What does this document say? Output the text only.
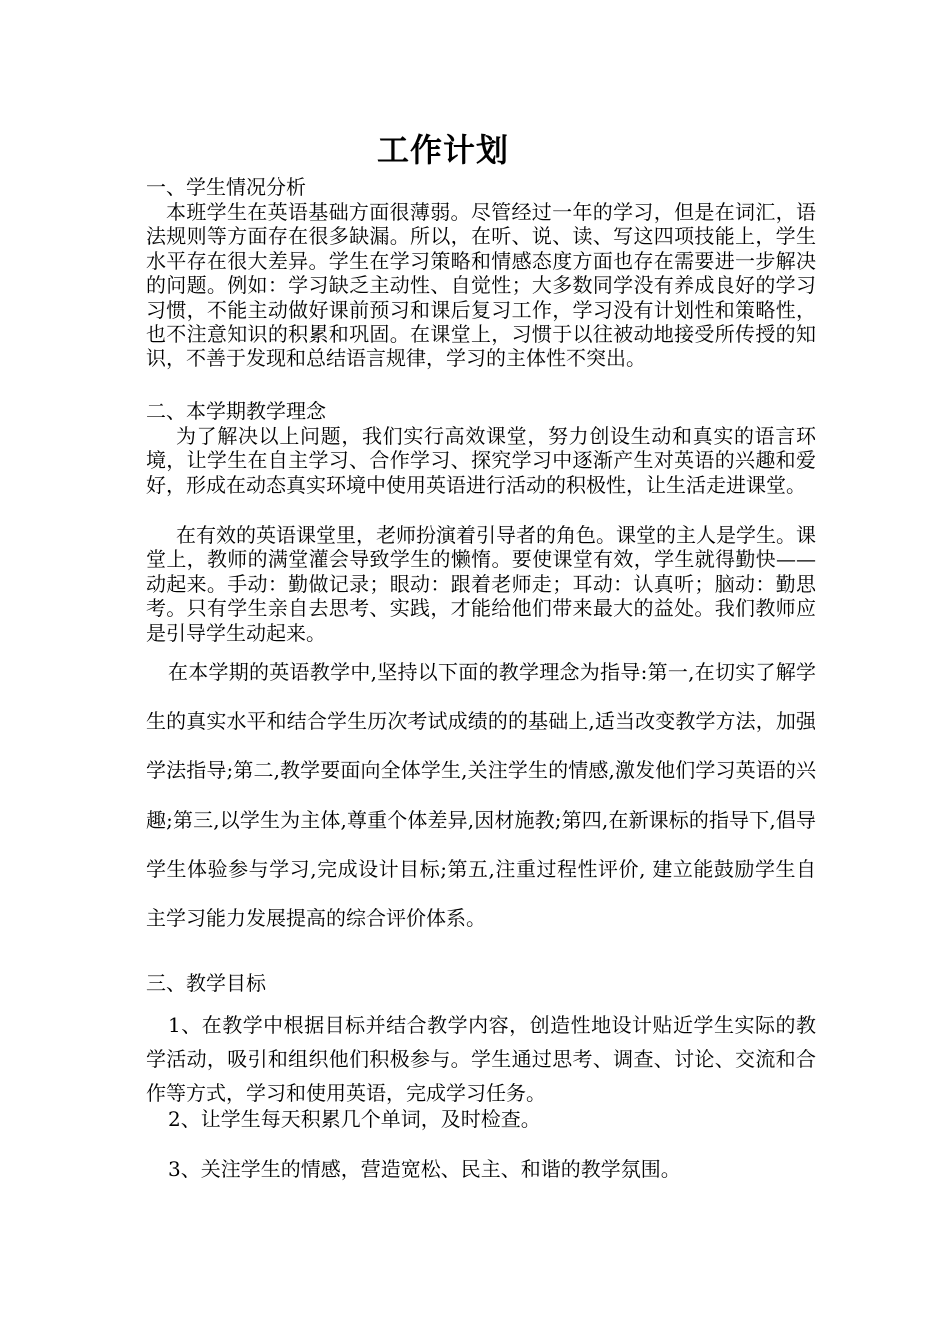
工作计划
一、学生情况分析
本班学生在英语基础方面很薄弱。尽管经过一年的学习，但是在词汇，语法规则等方面存在很多缺漏。所以，在听、说、读、写这四项技能上，学生水平存在很大差异。学生在学习策略和情感态度方面也存在需要进一步解决的问题。例如：学习缺乏主动性、自觉性；大多数同学没有养成良好的学习习惯，不能主动做好课前预习和课后复习工作，学习没有计划性和策略性，也不注意知识的积累和巩固。在课堂上，习惯于以往被动地接受所传授的知识，不善于发现和总结语言规律，学习的主体性不突出。
二、本学期教学理念
为了解决以上问题，我们实行高效课堂，努力创设生动和真实的语言环境，让学生在自主学习、合作学习、探究学习中逐渐产生对英语的兴趣和爱好，形成在动态真实环境中使用英语进行活动的积极性，让生活走进课堂。
在有效的英语课堂里，老师扮演着引导者的角色。课堂的主人是学生。课堂上，教师的满堂灌会导致学生的懒惰。要使课堂有效，学生就得勤快——动起来。手动：勤做记录；眼动：跟着老师走；耳动：认真听；脑动：勤思考。只有学生亲自去思考、实践，才能给他们带来最大的益处。我们教师应是引导学生动起来。
在本学期的英语教学中,坚持以下面的教学理念为指导:第一,在切实了解学生的真实水平和结合学生历次考试成绩的的基础上,适当改变教学方法，加强学法指导;第二,教学要面向全体学生,关注学生的情感,激发他们学习英语的兴趣;第三,以学生为主体,尊重个体差异,因材施教;第四,在新课标的指导下,倡导学生体验参与学习,完成设计目标;第五,注重过程性评价, 建立能鼓励学生自主学习能力发展提高的综合评价体系。
三、教学目标
1、在教学中根据目标并结合教学内容，创造性地设计贴近学生实际的教学活动，吸引和组织他们积极参与。学生通过思考、调查、讨论、交流和合作等方式，学习和使用英语，完成学习任务。
2、让学生每天积累几个单词，及时检查。
3、关注学生的情感，营造宽松、民主、和谐的教学氛围。
